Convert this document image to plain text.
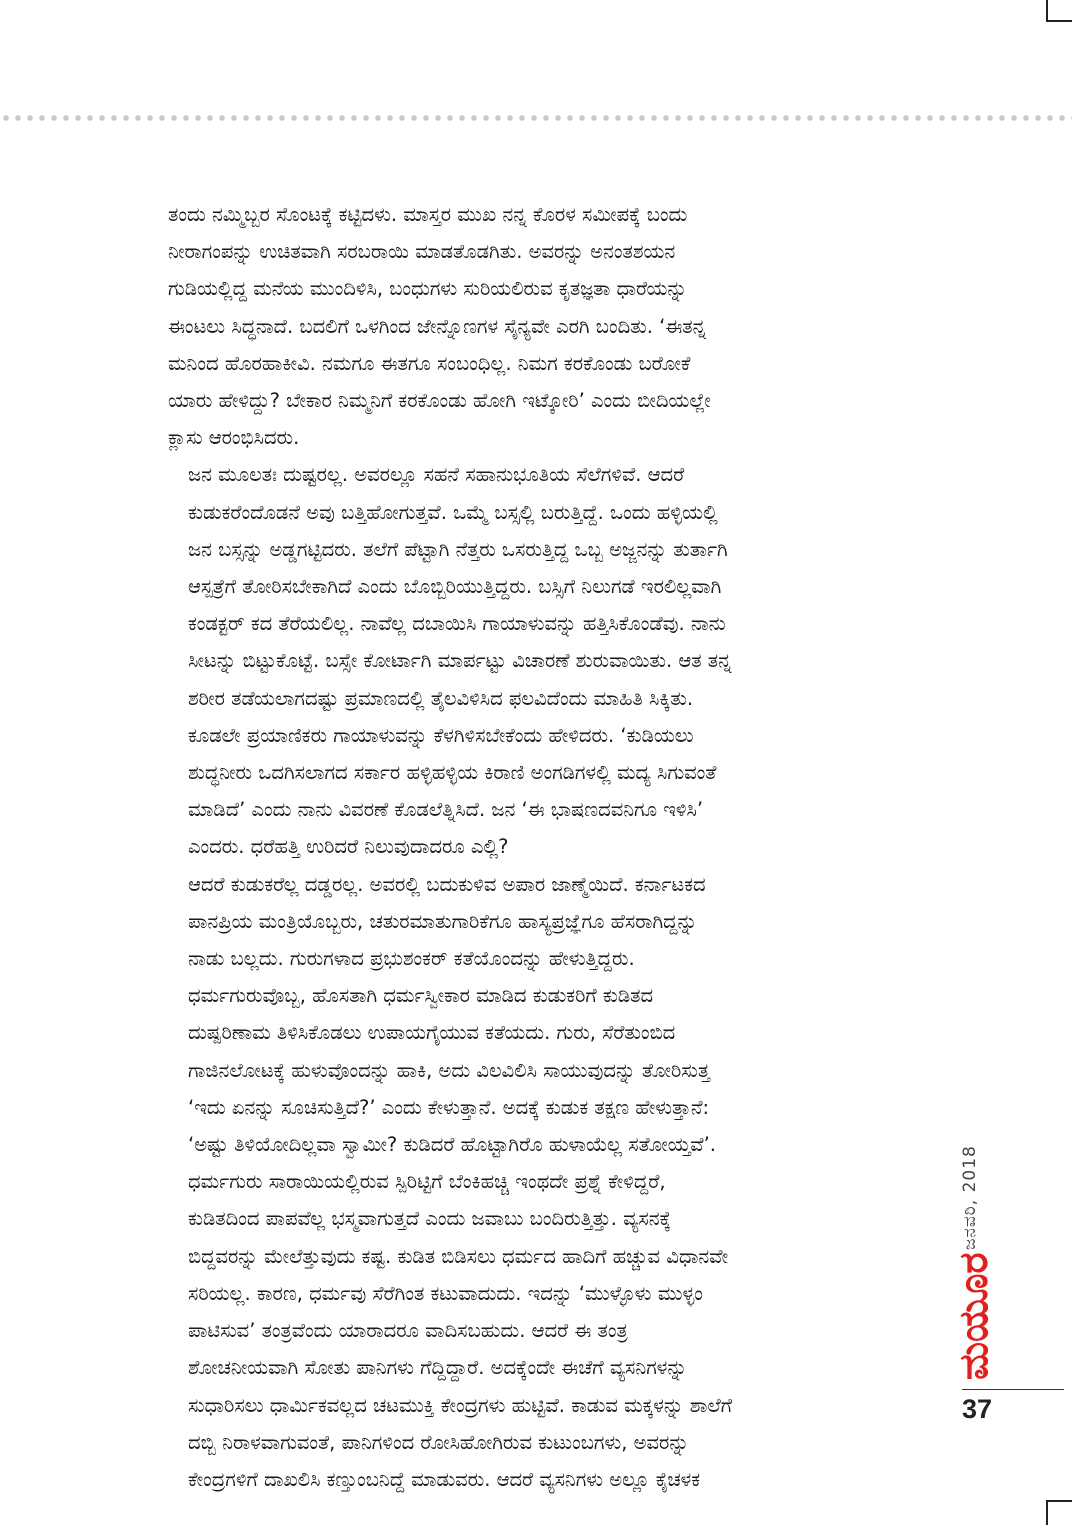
ತಂದು ನಮ್ಮಿಬ್ಬರ ಸೊಂಟಕ್ಕೆ ಕಟ್ಟಿದಳು. ಮಾಸ್ತರ ಮುಖ ನನ್ನ ಕೊರಳ ಸಮೀಪಕ್ಕೆ ಬಂದು
ನೀರಾಗಂಪನ್ನು ಉಚಿತವಾಗಿ ಸರಬರಾಯಿ ಮಾಡತೊಡಗಿತು. ಅವರನ್ನು ಅನಂತಶಯನ
ಗುಡಿಯಲ್ಲಿದ್ದ ಮನೆಯ ಮುಂದಿಳಿಸಿ, ಬಂಧುಗಳು ಸುರಿಯಲಿರುವ ಕೃತಜ್ಞತಾ ಧಾರೆಯನ್ನು
ಈಂಟಲು ಸಿದ್ಧನಾದೆ. ಬದಲಿಗೆ ಒಳಗಿಂದ ಜೇನ್ನೊಣಗಳ ಸೈನ್ಯವೇ ಎರಗಿ ಬಂದಿತು. ‘ಈತನ್ನ
ಮನಿಂದ ಹೊರಹಾಕೀವಿ. ನಮಗೂ ಈತಗೂ ಸಂಬಂಧಿಲ್ಲ. ನಿಮಗ ಕರಕೊಂಡು ಬರೋಕೆ
ಯಾರು ಹೇಳಿದ್ದು? ಬೇಕಾರ ನಿಮ್ಮನಿಗೆ ಕರಕೊಂಡು ಹೋಗಿ ಇಟ್ಕೋರಿ’ ಎಂದು ಬೀದಿಯಲ್ಲೇ
ಕ್ಲಾಸು ಆರಂಭಿಸಿದರು.

ಜನ ಮೂಲತಃ ದುಷ್ಟರಲ್ಲ. ಅವರಲ್ಲೂ ಸಹನೆ ಸಹಾನುಭೂತಿಯ ಸೆಲೆಗಳಿವೆ. ಆದರೆ
ಕುಡುಕರೆಂದೊಡನೆ ಅವು ಬತ್ತಿಹೋಗುತ್ತವೆ. ಒಮ್ಮೆ ಬಸ್ಸಲ್ಲಿ ಬರುತ್ತಿದ್ದೆ. ಒಂದು ಹಳ್ಳಿಯಲ್ಲಿ
ಜನ ಬಸ್ಸನ್ನು ಅಡ್ಡಗಟ್ಟಿದರು. ತಲೆಗೆ ಪೆಟ್ಟಾಗಿ ನೆತ್ತರು ಒಸರುತ್ತಿದ್ದ ಒಬ್ಬ ಅಜ್ಜನನ್ನು ತುರ್ತಾಗಿ
ಆಸ್ಪತ್ರೆಗೆ ತೋರಿಸಬೇಕಾಗಿದೆ ಎಂದು ಬೊಬ್ಬಿರಿಯುತ್ತಿದ್ದರು. ಬಸ್ಸಿಗೆ ನಿಲುಗಡೆ ಇರಲಿಲ್ಲವಾಗಿ
ಕಂಡಕ್ಟರ್ ಕದ ತೆರೆಯಲಿಲ್ಲ. ನಾವೆಲ್ಲ ದಬಾಯಿಸಿ ಗಾಯಾಳುವನ್ನು ಹತ್ತಿಸಿಕೊಂಡೆವು. ನಾನು
ಸೀಟನ್ನು ಬಿಟ್ಟುಕೊಟ್ಟೆ. ಬಸ್ಸೇ ಕೋರ್ಟಾಗಿ ಮಾರ್ಪಟ್ಟು ವಿಚಾರಣೆ ಶುರುವಾಯಿತು. ಆತ ತನ್ನ
ಶರೀರ ತಡೆಯಲಾಗದಷ್ಟು ಪ್ರಮಾಣದಲ್ಲಿ ತೈಲವಿಳಿಸಿದ ಫಲವಿದೆಂದು ಮಾಹಿತಿ ಸಿಕ್ಕಿತು.
ಕೂಡಲೇ ಪ್ರಯಾಣಿಕರು ಗಾಯಾಳುವನ್ನು ಕೆಳಗಿಳಿಸಬೇಕೆಂದು ಹೇಳಿದರು. ‘ಕುಡಿಯಲು
ಶುದ್ಧನೀರು ಒದಗಿಸಲಾಗದ ಸರ್ಕಾರ ಹಳ್ಳಿಹಳ್ಳಿಯ ಕಿರಾಣಿ ಅಂಗಡಿಗಳಲ್ಲಿ ಮದ್ಯ ಸಿಗುವಂತೆ
ಮಾಡಿದೆ’ ಎಂದು ನಾನು ವಿವರಣೆ ಕೊಡಲೆತ್ನಿಸಿದೆ. ಜನ ‘ಈ ಭಾಷಣದವನಿಗೂ ಇಳಿಸಿ’
ಎಂದರು. ಧರೆಹತ್ತಿ ಉರಿದರೆ ನಿಲುವುದಾದರೂ ಎಲ್ಲಿ?

ಆದರೆ ಕುಡುಕರೆಲ್ಲ ದಡ್ಡರಲ್ಲ. ಅವರಲ್ಲಿ ಬದುಕುಳಿವ ಅಪಾರ ಜಾಣ್ಮೆಯಿದೆ. ಕರ್ನಾಟಕದ
ಪಾನಪ್ರಿಯ ಮಂತ್ರಿಯೊಬ್ಬರು, ಚತುರಮಾತುಗಾರಿಕೆಗೂ ಹಾಸ್ಯಪ್ರಜ್ಞೆಗೂ ಹೆಸರಾಗಿದ್ದನ್ನು
ನಾಡು ಬಲ್ಲದು. ಗುರುಗಳಾದ ಪ್ರಭುಶಂಕರ್ ಕತೆಯೊಂದನ್ನು ಹೇಳುತ್ತಿದ್ದರು.
ಧರ್ಮಗುರುವೊಬ್ಬ, ಹೊಸತಾಗಿ ಧರ್ಮಸ್ವೀಕಾರ ಮಾಡಿದ ಕುಡುಕರಿಗೆ ಕುಡಿತದ
ದುಷ್ಪರಿಣಾಮ ತಿಳಿಸಿಕೊಡಲು ಉಪಾಯಗೈಯುವ ಕತೆಯದು. ಗುರು, ಸೆರೆತುಂಬಿದ
ಗಾಜಿನಲೋಟಕ್ಕೆ ಹುಳುವೊಂದನ್ನು ಹಾಕಿ, ಅದು ವಿಲವಿಲಿಸಿ ಸಾಯುವುದನ್ನು ತೋರಿಸುತ್ತ
‘ಇದು ಏನನ್ನು ಸೂಚಿಸುತ್ತಿದೆ?’ ಎಂದು ಕೇಳುತ್ತಾನೆ. ಅದಕ್ಕೆ ಕುಡುಕ ತಕ್ಷಣ ಹೇಳುತ್ತಾನೆ:
‘ಅಷ್ಟು ತಿಳಿಯೋದಿಲ್ಲವಾ ಸ್ವಾಮೀ? ಕುಡಿದರೆ ಹೊಟ್ಟಾಗಿರೊ ಹುಳಾಯೆಲ್ಲ ಸತೋಯ್ತವೆ’.
ಧರ್ಮಗುರು ಸಾರಾಯಿಯಲ್ಲಿರುವ ಸ್ಪಿರಿಟ್ಟಿಗೆ ಬೆಂಕಿಹಚ್ಚಿ ಇಂಥದೇ ಪ್ರಶ್ನೆ ಕೇಳಿದ್ದರೆ,
ಕುಡಿತದಿಂದ ಪಾಪವೆಲ್ಲ ಭಸ್ಮವಾಗುತ್ತದೆ ಎಂದು ಜವಾಬು ಬಂದಿರುತ್ತಿತ್ತು. ವ್ಯಸನಕ್ಕೆ
ಬಿದ್ದವರನ್ನು ಮೇಲೆತ್ತುವುದು ಕಷ್ಟ. ಕುಡಿತ ಬಿಡಿಸಲು ಧರ್ಮದ ಹಾದಿಗೆ ಹಚ್ಚುವ ವಿಧಾನವೇ
ಸರಿಯಲ್ಲ. ಕಾರಣ, ಧರ್ಮವು ಸೆರೆಗಿಂತ ಕಟುವಾದುದು. ಇದನ್ನು ‘ಮುಳ್ಳೊಳು ಮುಳ್ಳಂ
ಪಾಟಿಸುವ’ ತಂತ್ರವೆಂದು ಯಾರಾದರೂ ವಾದಿಸಬಹುದು. ಆದರೆ ಈ ತಂತ್ರ
ಶೋಚನೀಯವಾಗಿ ಸೋತು ಪಾನಿಗಳು ಗೆದ್ದಿದ್ದಾರೆ. ಅದಕ್ಕೆಂದೇ ಈಚೆಗೆ ವ್ಯಸನಿಗಳನ್ನು
ಸುಧಾರಿಸಲು ಧಾರ್ಮಿಕವಲ್ಲದ ಚಟಮುಕ್ತಿ ಕೇಂದ್ರಗಳು ಹುಟ್ಟಿವೆ. ಕಾಡುವ ಮಕ್ಕಳನ್ನು ಶಾಲೆಗೆ
ದಬ್ಬಿ ನಿರಾಳವಾಗುವಂತೆ, ಪಾನಿಗಳಿಂದ ರೋಸಿಹೋಗಿರುವ ಕುಟುಂಬಗಳು, ಅವರನ್ನು
ಕೇಂದ್ರಗಳಿಗೆ ದಾಖಲಿಸಿ ಕಣ್ತುಂಬನಿದ್ದೆ ಮಾಡುವರು. ಆದರೆ ವ್ಯಸನಿಗಳು ಅಲ್ಲೂ ಕೈಚಳಕ

ಜನವರಿ, 2018
ಮಯೂರ
37
